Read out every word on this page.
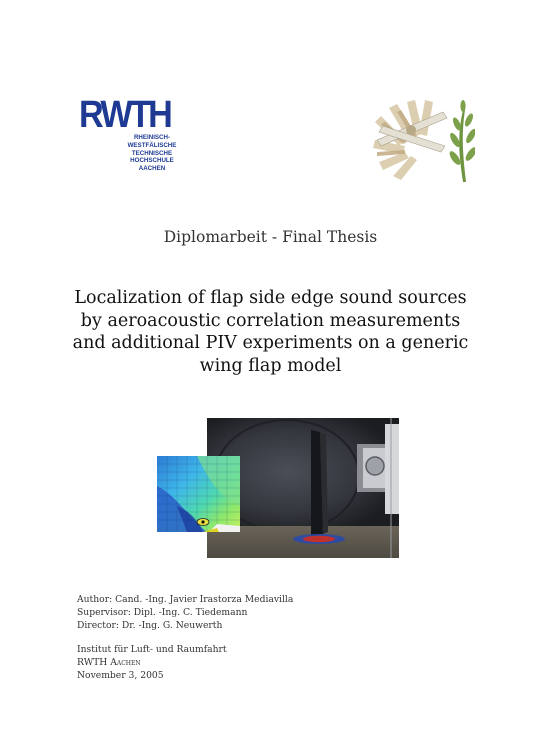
RWTH
RHEINISCH-
WESTFÄLISCHE
TECHNISCHE
HOCHSCHULE
AACHEN
Diplomarbeit - Final Thesis
Localization of flap side edge sound sources
by aeroacoustic correlation measurements
and additional PIV experiments on a generic
wing flap model
Author: Cand. -Ing. Javier Irastorza Mediavilla
Supervisor: Dipl. -Ing. C. Tiedemann
Director: Dr. -Ing. G. Neuwerth
Institut für Luft- und Raumfahrt
RWTH Aachen
November 3, 2005
